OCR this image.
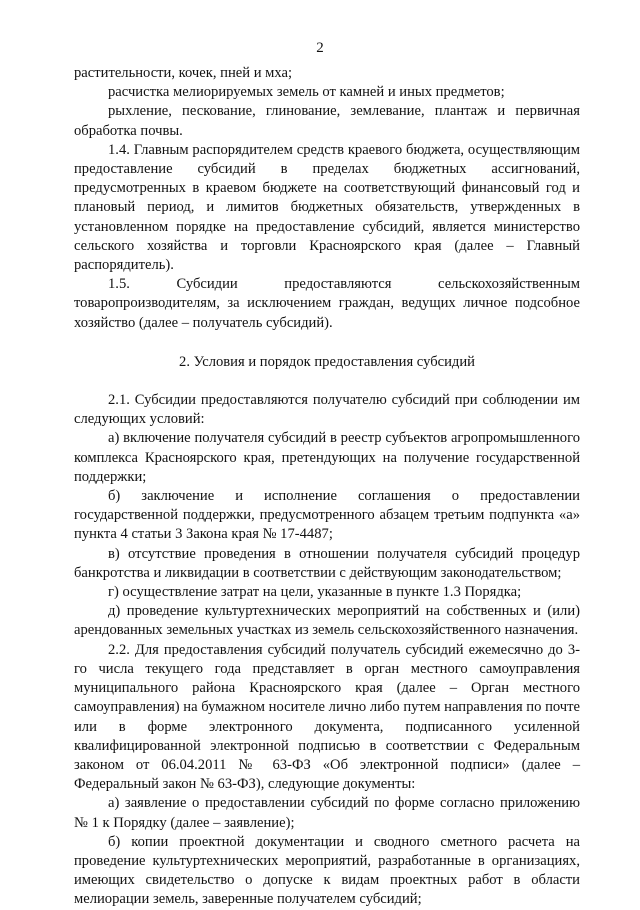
2

растительности, кочек, пней и мха;

расчистка мелиорируемых земель от камней и иных предметов;

рыхление, пескование, глинование, землевание, плантаж и первичная обработка почвы.

1.4. Главным распорядителем средств краевого бюджета, осуществляющим предоставление субсидий в пределах бюджетных ассигнований, предусмотренных в краевом бюджете на соответствующий финансовый год и плановый период, и лимитов бюджетных обязательств, утвержденных в установленном порядке на предоставление субсидий, является министерство сельского хозяйства и торговли Красноярского края (далее – Главный распорядитель).

1.5. Субсидии предоставляются сельскохозяйственным товаропроизводителям, за исключением граждан, ведущих личное подсобное хозяйство (далее – получатель субсидий).

2. Условия и порядок предоставления субсидий

2.1. Субсидии предоставляются получателю субсидий при соблюдении им следующих условий:

а) включение получателя субсидий в реестр субъектов агропромышленного комплекса Красноярского края, претендующих на получение государственной поддержки;

б) заключение и исполнение соглашения о предоставлении государственной поддержки, предусмотренного абзацем третьим подпункта «а» пункта 4 статьи 3 Закона края № 17-4487;

в) отсутствие проведения в отношении получателя субсидий процедур банкротства и ликвидации в соответствии с действующим законодательством;

г) осуществление затрат на цели, указанные в пункте 1.3 Порядка;

д) проведение культуртехнических мероприятий на собственных и (или) арендованных земельных участках из земель сельскохозяйственного назначения.

2.2. Для предоставления субсидий получатель субсидий ежемесячно до 3-го числа текущего года представляет в орган местного самоуправления муниципального района Красноярского края (далее – Орган местного самоуправления) на бумажном носителе лично либо путем направления по почте или в форме электронного документа, подписанного усиленной квалифицированной электронной подписью в соответствии с Федеральным законом от 06.04.2011 № 63-ФЗ «Об электронной подписи» (далее – Федеральный закон № 63-ФЗ), следующие документы:

а) заявление о предоставлении субсидий по форме согласно приложению № 1 к Порядку (далее – заявление);

б) копии проектной документации и сводного сметного расчета на проведение культуртехнических мероприятий, разработанные в организациях, имеющих свидетельство о допуске к видам проектных работ в области мелиорации земель, заверенные получателем субсидий;
